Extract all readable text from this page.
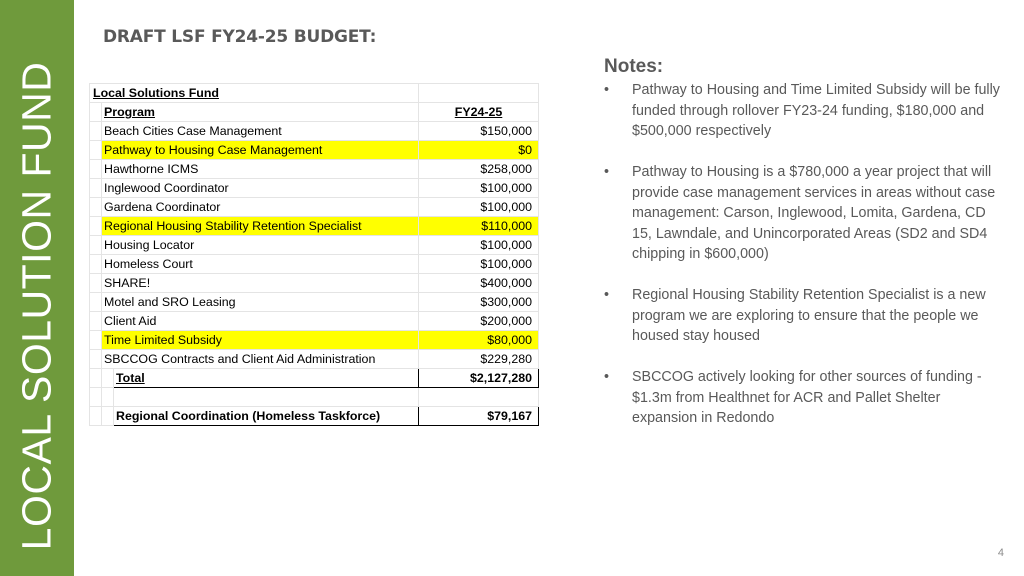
LOCAL SOLUTION FUND
DRAFT LSF FY24-25 BUDGET:
Local Solutions Fund			
	Program		FY24-25
	Beach Cities Case Management		$150,000
	Pathway to Housing Case Management		$0
	Hawthorne ICMS		$258,000
	Inglewood Coordinator		$100,000
	Gardena Coordinator		$100,000
	Regional Housing Stability Retention Specialist		$110,000
	Housing Locator		$100,000
	Homeless Court		$100,000
	SHARE!		$400,000
	Motel and SRO Leasing		$300,000
	Client Aid		$200,000
	Time Limited Subsidy		$80,000
	SBCCOG Contracts and Client Aid Administration		$229,280
		Total	$2,127,280

		Regional Coordination (Homeless Taskforce)	$79,167
Notes:
• Pathway to Housing and Time Limited Subsidy will be fully funded through rollover FY23-24 funding, $180,000 and $500,000 respectively
• Pathway to Housing is a $780,000 a year project that will provide case management services in areas without case management: Carson, Inglewood, Lomita, Gardena, CD 15, Lawndale, and Unincorporated Areas (SD2 and SD4 chipping in $600,000)
• Regional Housing Stability Retention Specialist is a new program we are exploring to ensure that the people we housed stay housed
• SBCCOG actively looking for other sources of funding - $1.3m from Healthnet for ACR and Pallet Shelter expansion in Redondo
4
